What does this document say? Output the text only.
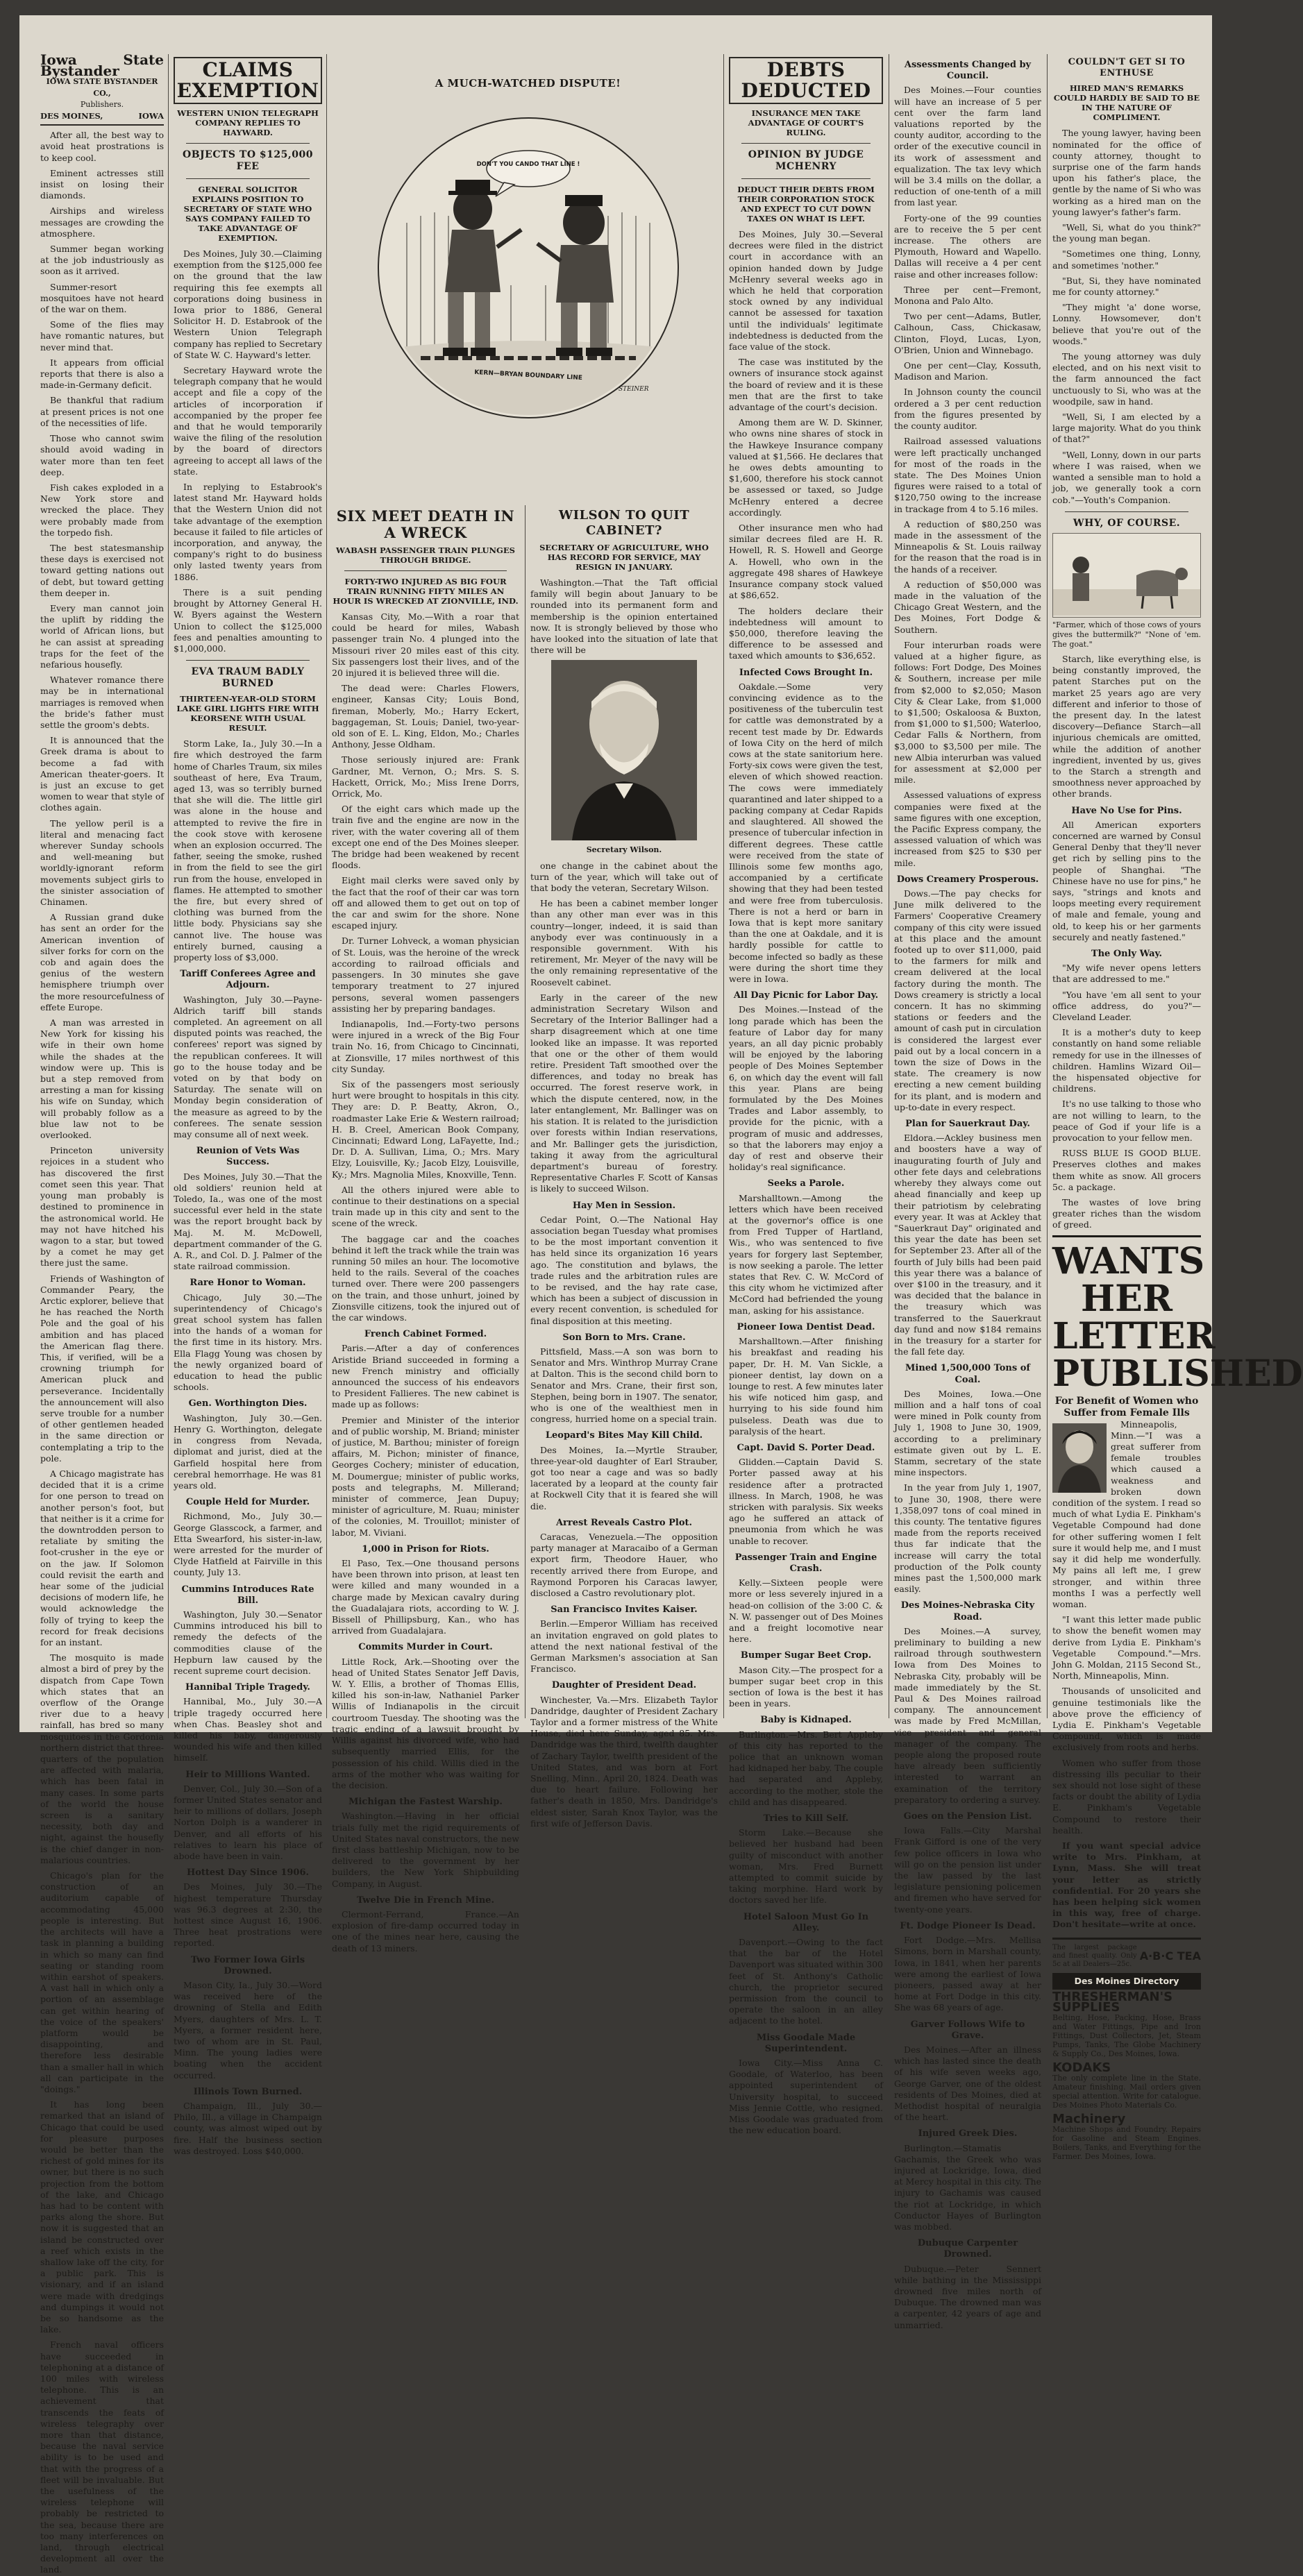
Iowa State Bystander
IOWA STATE BYSTANDER CO.,
Publishers.
DES MOINES,	IOWA

After all, the best way to avoid heat prostrations is to keep cool.

Eminent actresses still insist on losing their diamonds.

Airships and wireless messages are crowding the atmosphere.

Summer began working at the job industriously as soon as it arrived.

Summer-resort mosquitoes have not heard of the war on them.

Some of the flies may have romantic natures, but never mind that.

It appears from official reports that there is also a made-in-Germany deficit.

Be thankful that radium at present prices is not one of the necessities of life.

Those who cannot swim should avoid wading in water more than ten feet deep.

Fish cakes exploded in a New York store and wrecked the place. They were probably made from the torpedo fish.

The best statesmanship these days is exercised not toward getting nations out of debt, but toward getting them deeper in.

Every man cannot join the uplift by ridding the world of African lions, but he can assist at spreading traps for the feet of the nefarious housefly.

Whatever romance there may be in international marriages is removed when the bride's father must settle the groom's debts.

It is announced that the Greek drama is about to become a fad with American theater-goers. It is just an excuse to get women to wear that style of clothes again.

The yellow peril is a literal and menacing fact wherever Sunday schools and well-meaning but worldly-ignorant reform movements subject girls to the sinister association of Chinamen.

A Russian grand duke has sent an order for the American invention of silver forks for corn on the cob and again does the genius of the western hemisphere triumph over the more resourcefulness of effete Europe.

A man was arrested in New York for kissing his wife in their own home while the shades at the window were up. This is but a step removed from arresting a man for kissing his wife on Sunday, which will probably follow as a blue law not to be overlooked.

Princeton university rejoices in a student who has discovered the first comet seen this year. That young man probably is destined to prominence in the astronomical world. He may not have hitched his wagon to a star, but towed by a comet he may get there just the same.

Friends of Washington of Commander Peary, the Arctic explorer, believe that he has reached the North Pole and the goal of his ambition and has placed the American flag there. This, if verified, will be a crowning triumph for American pluck and perseverance. Incidentally the announcement will also serve trouble for a number of other gentlemen headed in the same direction or contemplating a trip to the pole.

A Chicago magistrate has decided that it is a crime for one person to tread on another person's foot, but that neither is it a crime for the downtrodden person to retaliate by smiting the foot-crusher in the eye or on the jaw. If Solomon could revisit the earth and hear some of the judicial decisions of modern life, he would acknowledge the folly of trying to keep the record for freak decisions for an instant.

The mosquito is made almost a bird of prey by the dispatch from Cape Town which states that an overflow of the Orange river due to a heavy rainfall, has bred so many mosquitoes in the Gordonia northern district that three-quarters of the population are affected with malaria, which has been fatal in many cases. In some parts of the world the house screen is a sanitary necessity, both day and night, against the housefly is the chief danger in non-malarious countries.

Chicago's plan for the construction of an auditorium capable of accommodating 45,000 people is interesting. But the architects will have a task in planning a building in which so many can find seating or standing room within earshot of speakers. A vast hall in which only a portion of an assemblage can get within hearing of the voice of the speakers' platform would be disappointing, and therefore less desirable than a smaller hall in which all can participate in the "doings."

It has long been remarked that an island of Chicago that could be used for pleasure purposes would be better than the richest of gold mines for its owner, but there is no such projection from the bottom of the lake, and Chicago has had to be content with parks along the shore. But now it is suggested that an island be constructed over a reef which exists in the shallow lake off the city, for a public park. This is visionary, and if an island were made with dredgings and dumpings it would not be so handsome as the lake.

French naval officers have succeeded in telephoning at a distance of 100 miles with wireless telephone. This is an achievement that transcends the feats of wireless telegraphy over more than that distance, because the naval service ability is to be used and that with the progress of a fleet will be invaluable. But the usefulness of the wireless telephone will probably be restricted to the sea, because there are too many interferences on land, through electrical development all over the land.

CLAIMS EXEMPTION
WESTERN UNION TELEGRAPH COMPANY REPLIES TO HAYWARD.
OBJECTS TO $125,000 FEE
GENERAL SOLICITOR EXPLAINS POSITION TO SECRETARY OF STATE WHO SAYS COMPANY FAILED TO TAKE ADVANTAGE OF EXEMPTION.

Des Moines, July 30.—Claiming exemption from the $125,000 fee on the ground that the law requiring this fee exempts all corporations doing business in Iowa prior to 1886, General Solicitor H. D. Estabrook of the Western Union Telegraph company has replied to Secretary of State W. C. Hayward's letter.

Secretary Hayward wrote the telegraph company that he would accept and file a copy of the articles of incorporation if accompanied by the proper fee and that he would temporarily waive the filing of the resolution by the board of directors agreeing to accept all laws of the state.

In replying to Estabrook's latest stand Mr. Hayward holds that the Western Union did not take advantage of the exemption because it failed to file articles of incorporation, and anyway, the company's right to do business only lasted twenty years from 1886.

There is a suit pending brought by Attorney General H. W. Byers against the Western Union to collect the $125,000 fees and penalties amounting to $1,000,000.

EVA TRAUM BADLY BURNED
THIRTEEN-YEAR-OLD STORM LAKE GIRL LIGHTS FIRE WITH KEORSENE WITH USUAL RESULT.

Storm Lake, Ia., July 30.—In a fire which destroyed the farm home of Charles Traum, six miles southeast of here, Eva Traum, aged 13, was so terribly burned that she will die. The little girl was alone in the house and attempted to revive the fire in the cook stove with kerosene when an explosion occurred. The father, seeing the smoke, rushed in from the field to see the girl run from the house, enveloped in flames. He attempted to smother the fire, but every shred of clothing was burned from the little body. Physicians say she cannot live. The house was entirely burned, causing a property loss of $3,000.

Tariff Conferees Agree and Adjourn.

Washington, July 30.—Payne-Aldrich tariff bill stands completed. An agreement on all disputed points was reached, the conferees' report was signed by the republican conferees. It will go to the house today and be voted on by that body on Saturday. The senate will on Monday begin consideration of the measure as agreed to by the conferees. The senate session may consume all of next week.

Reunion of Vets Was Success.

Des Moines, July 30.—That the old soldiers' reunion held at Toledo, Ia., was one of the most successful ever held in the state was the report brought back by Maj. M. M. McDowell, department commander of the G. A. R., and Col. D. J. Palmer of the state railroad commission.

Rare Honor to Woman.

Chicago, July 30.—The superintendency of Chicago's great school system has fallen into the hands of a woman for the first time in its history. Mrs. Ella Flagg Young was chosen by the newly organized board of education to head the public schools.

Gen. Worthington Dies.

Washington, July 30.—Gen. Henry G. Worthington, delegate in congress from Nevada, diplomat and jurist, died at the Garfield hospital here from cerebral hemorrhage. He was 81 years old.

Couple Held for Murder.

Richmond, Mo., July 30.—George Glasscock, a farmer, and Etta Swearford, his sister-in-law, were arrested for the murder of Clyde Hatfield at Fairville in this county, July 13.

Cummins Introduces Rate Bill.

Washington, July 30.—Senator Cummins introduced his bill to remedy the defects of the commodities clause of the Hepburn law caused by the recent supreme court decision.

Hannibal Triple Tragedy.

Hannibal, Mo., July 30.—A triple tragedy occurred here when Chas. Beasley shot and killed his baby, dangerously wounded his wife and then killed himself.

Heir to Millions Wanted.

Denver, Col., July 30.—Son of a former United States senator and heir to millions of dollars, Joseph Norton Dolph is a wanderer in Denver, and all efforts of his relatives to learn his place of abode have been in vain.

Hottest Day Since 1906.

Des Moines, July 30.—The highest temperature Thursday was 96.3 degrees at 2:30, the hottest since August 16, 1906. Three heat prostrations were reported.

Two Former Iowa Girls Drowned.

Mason City, Ia., July 30.—Word was received here of the drowning of Stella and Edith Myers, daughters of Mrs. L. T. Myers, a former resident here, two of whom are in St. Paul, Minn. The young ladies were boating when the accident occurred.

Illinois Town Burned.

Champaign, Ill., July 30.—Philo, Ill., a village in Champaign county, was almost wiped out by fire. Half the business section was destroyed. Loss $40,000.

A MUCH-WATCHED DISPUTE!
DON'T YOU CANDO THAT LINE !
KERN—BRYAN BOUNDARY LINE
STEINER
SIX MEET DEATH IN A WRECK
WABASH PASSENGER TRAIN PLUNGES THROUGH BRIDGE.
FORTY-TWO INJURED AS BIG FOUR TRAIN RUNNING FIFTY MILES AN HOUR IS WRECKED AT ZIONVILLE, IND.

Kansas City, Mo.—With a roar that could be heard for miles, Wabash passenger train No. 4 plunged into the Missouri river 20 miles east of this city. Six passengers lost their lives, and of the 20 injured it is believed three will die.

The dead were: Charles Flowers, engineer, Kansas City; Louis Bond, fireman, Moberly, Mo.; Harry Eckert, baggageman, St. Louis; Daniel, two-year-old son of E. L. King, Eldon, Mo.; Charles Anthony, Jesse Oldham.

Those seriously injured are: Frank Gardner, Mt. Vernon, O.; Mrs. S. S. Hackett, Orrick, Mo.; Miss Irene Dorrs, Orrick, Mo.

Of the eight cars which made up the train five and the engine are now in the river, with the water covering all of them except one end of the Des Moines sleeper. The bridge had been weakened by recent floods.

Eight mail clerks were saved only by the fact that the roof of their car was torn off and allowed them to get out on top of the car and swim for the shore. None escaped injury.

Dr. Turner Lohveck, a woman physician of St. Louis, was the heroine of the wreck according to railroad officials and passengers. In 30 minutes she gave temporary treatment to 27 injured persons, several women passengers assisting her by preparing bandages.

Indianapolis, Ind.—Forty-two persons were injured in a wreck of the Big Four train No. 16, from Chicago to Cincinnati, at Zionsville, 17 miles northwest of this city Sunday.

Six of the passengers most seriously hurt were brought to hospitals in this city. They are: D. P. Beatty, Akron, O., roadmaster Lake Erie & Western railroad; H. B. Creel, American Book Company, Cincinnati; Edward Long, LaFayette, Ind.; Dr. D. A. Sullivan, Lima, O.; Mrs. Mary Elzy, Louisville, Ky.; Jacob Elzy, Louisville, Ky.; Mrs. Magnolia Miles, Knoxville, Tenn.

All the others injured were able to continue to their destinations on a special train made up in this city and sent to the scene of the wreck.

The baggage car and the coaches behind it left the track while the train was running 50 miles an hour. The locomotive held to the rails. Several of the coaches turned over. There were 200 passengers on the train, and those unhurt, joined by Zionsville citizens, took the injured out of the car windows.

French Cabinet Formed.

Paris.—After a day of conferences Aristide Briand succeeded in forming a new French ministry and officially announced the success of his endeavors to President Fallieres. The new cabinet is made up as follows:

Premier and Minister of the interior and of public worship, M. Briand; minister of justice, M. Barthou; minister of foreign affairs, M. Pichon; minister of finance, Georges Cochery; minister of education, M. Doumergue; minister of public works, posts and telegraphs, M. Millerand; minister of commerce, Jean Dupuy; minister of agriculture, M. Ruau; minister of the colonies, M. Trouillot; minister of labor, M. Viviani.

1,000 in Prison for Riots.

El Paso, Tex.—One thousand persons have been thrown into prison, at least ten were killed and many wounded in a charge made by Mexican cavalry during the Guadalajara riots, according to W. J. Bissell of Phillipsburg, Kan., who has arrived from Guadalajara.

Commits Murder in Court.

Little Rock, Ark.—Shooting over the head of United States Senator Jeff Davis, W. Y. Ellis, a brother of Thomas Ellis, killed his son-in-law, Nathaniel Parker Willis of Indianapolis in the circuit courtroom Tuesday. The shooting was the tragic ending of a lawsuit brought by Willis against his divorced wife, who had subsequently married Ellis, for the possession of his child. Willis died in the arms of the mother who was waiting for the decision.

Michigan the Fastest Warship.

Washington.—Having in her official trials fully met the rigid requirements of United States naval constructors, the new first class battleship Michigan, now to be delivered to the government by her builders, the New York Shipbuilding Company, in August.

Twelve Die in French Mine.

Clermont-Ferrand, France.—An explosion of fire-damp occurred today in one of the mines near here, causing the death of 13 miners.

WILSON TO QUIT CABINET?
SECRETARY OF AGRICULTURE, WHO HAS RECORD FOR SERVICE, MAY RESIGN IN JANUARY.

Washington.—That the Taft official family will begin about January to be rounded into its permanent form and membership is the opinion entertained now. It is strongly believed by those who have looked into the situation of late that there will be

Secretary Wilson.

one change in the cabinet about the turn of the year, which will take out of that body the veteran, Secretary Wilson.

He has been a cabinet member longer than any other man ever was in this country—longer, indeed, it is said than anybody ever was continuously in a responsible government. With his retirement, Mr. Meyer of the navy will be the only remaining representative of the Roosevelt cabinet.

Early in the career of the new administration Secretary Wilson and Secretary of the Interior Ballinger had a sharp disagreement which at one time looked like an impasse. It was reported that one or the other of them would retire. President Taft smoothed over the differences, and today no break has occurred. The forest reserve work, in which the dispute centered, now, in the later entanglement, Mr. Ballinger was on his station. It is related to the jurisdiction over forests within Indian reservations, and Mr. Ballinger gets the jurisdiction, taking it away from the agricultural department's bureau of forestry. Representative Charles F. Scott of Kansas is likely to succeed Wilson.

Hay Men in Session.

Cedar Point, O.—The National Hay association began Tuesday what promises to be the most important convention it has held since its organization 16 years ago. The constitution and bylaws, the trade rules and the arbitration rules are to be revised, and the hay rate case, which has been a subject of discussion in every recent convention, is scheduled for final disposition at this meeting.

Son Born to Mrs. Crane.

Pittsfield, Mass.—A son was born to Senator and Mrs. Winthrop Murray Crane at Dalton. This is the second child born to Senator and Mrs. Crane, their first son, Stephen, being born in 1907. The senator, who is one of the wealthiest men in congress, hurried home on a special train.

Leopard's Bites May Kill Child.

Des Moines, Ia.—Myrtle Strauber, three-year-old daughter of Earl Strauber, got too near a cage and was so badly lacerated by a leopard at the county fair at Rockwell City that it is feared she will die.

Arrest Reveals Castro Plot.

Caracas, Venezuela.—The opposition party manager at Maracaibo of a German export firm, Theodore Hauer, who recently arrived there from Europe, and Raymond Porporen his Caracas lawyer, disclosed a Castro revolutionary plot.

San Francisco Invites Kaiser.

Berlin.—Emperor William has received an invitation engraved on gold plates to attend the next national festival of the German Marksmen's association at San Francisco.

Daughter of President Dead.

Winchester, Va.—Mrs. Elizabeth Taylor Dandridge, daughter of President Zachary Taylor and a former mistress of the White House, died here Sunday, aged 85. Mrs. Dandridge was the third, twelfth daughter of Zachary Taylor, twelfth president of the United States, and was born at Fort Snelling, Minn., April 20, 1824. Death was due to heart failure. Following her father's death in 1850, Mrs. Dandridge's eldest sister, Sarah Knox Taylor, was the first wife of Jefferson Davis.

DEBTS DEDUCTED
INSURANCE MEN TAKE ADVANTAGE OF COURT'S RULING.
OPINION BY JUDGE MCHENRY
DEDUCT THEIR DEBTS FROM THEIR CORPORATION STOCK AND EXPECT TO CUT DOWN TAXES ON WHAT IS LEFT.

Des Moines, July 30.—Several decrees were filed in the district court in accordance with an opinion handed down by Judge McHenry several weeks ago in which he held that corporation stock owned by any individual cannot be assessed for taxation until the individuals' legitimate indebtedness is deducted from the face value of the stock.

The case was instituted by the owners of insurance stock against the board of review and it is these men that are the first to take advantage of the court's decision.

Among them are W. D. Skinner, who owns nine shares of stock in the Hawkeye Insurance company valued at $1,566. He declares that he owes debts amounting to $1,600, therefore his stock cannot be assessed or taxed, so Judge McHenry entered a decree accordingly.

Other insurance men who had similar decrees filed are H. R. Howell, R. S. Howell and George A. Howell, who own in the aggregate 498 shares of Hawkeye Insurance company stock valued at $86,652.

The holders declare their indebtedness will amount to $50,000, therefore leaving the difference to be assessed and taxed which amounts to $36,652.

Infected Cows Brought In.

Oakdale.—Some very convincing evidence as to the positiveness of the tuberculin test for cattle was demonstrated by a recent test made by Dr. Edwards of Iowa City on the herd of milch cows at the state sanitorium here. Forty-six cows were given the test, eleven of which showed reaction. The cows were immediately quarantined and later shipped to a packing company at Cedar Rapids and slaughtered. All showed the presence of tubercular infection in different degrees. These cattle were received from the state of Illinois some few months ago, accompanied by a certificate showing that they had been tested and were free from tuberculosis. There is not a herd or barn in Iowa that is kept more sanitary than the one at Oakdale, and it is hardly possible for cattle to become infected so badly as these were during the short time they were in Iowa.

All Day Picnic for Labor Day.

Des Moines.—Instead of the long parade which has been the feature of Labor day for many years, an all day picnic probably will be enjoyed by the laboring people of Des Moines September 6, on which day the event will fall this year. Plans are being formulated by the Des Moines Trades and Labor assembly, to provide for the picnic, with a program of music and addresses, so that the laborers may enjoy a day of rest and observe their holiday's real significance.

Seeks a Parole.

Marshalltown.—Among the letters which have been received at the governor's office is one from Fred Tupper of Hartland, Wis., who was sentenced to five years for forgery last September, is now seeking a parole. The letter states that Rev. C. W. McCord of this city whom he victimized after McCord had befriended the young man, asking for his assistance.

Pioneer Iowa Dentist Dead.

Marshalltown.—After finishing his breakfast and reading his paper, Dr. H. M. Van Sickle, a pioneer dentist, lay down on a lounge to rest. A few minutes later his wife noticed him gasp, and hurrying to his side found him pulseless. Death was due to paralysis of the heart.

Capt. David S. Porter Dead.

Glidden.—Captain David S. Porter passed away at his residence after a protracted illness. In March, 1908, he was stricken with paralysis. Six weeks ago he suffered an attack of pneumonia from which he was unable to recover.

Passenger Train and Engine Crash.

Kelly.—Sixteen people were more or less severely injured in a head-on collision of the 3:00 C. & N. W. passenger out of Des Moines and a freight locomotive near here.

Bumper Sugar Beet Crop.

Mason City.—The prospect for a bumper sugar beet crop in this section of Iowa is the best it has been in years.

Baby is Kidnaped.

Burlington.—Mrs. Bert Appleby of this city has reported to the police that an unknown woman had kidnaped her baby. The couple had separated and Appleby, according to the mother, stole the child and has disappeared.

Tries to Kill Self.

Storm Lake.—Because she believed her husband had been guilty of misconduct with another woman, Mrs. Fred Burnett attempted to commit suicide by taking morphine. Hard work by doctors saved her life.

Hotel Saloon Must Go In Alley.

Davenport.—Owing to the fact that the bar of the Hotel Davenport was situated within 300 feet of St. Anthony's Catholic church, the proprietor secured permission from the council to operate the saloon in an alley adjacent to the hotel.

Miss Goodale Made Superintendent.

Iowa City.—Miss Anna C. Goodale, of Waterloo, has been appointed superintendent of University hospital, to succeed Miss Jennie Cottle, who resigned. Miss Goodale was graduated from the new education board.

Assessments Changed by Council.

Des Moines.—Four counties will have an increase of 5 per cent over the farm land valuations reported by the county auditor, according to the order of the executive council in its work of assessment and equalization. The tax levy which will be 3.4 mills on the dollar, a reduction of one-tenth of a mill from last year.

Forty-one of the 99 counties are to receive the 5 per cent increase. The others are Plymouth, Howard and Wapello. Dallas will receive a 4 per cent raise and other increases follow:

Three per cent—Fremont, Monona and Palo Alto.

Two per cent—Adams, Butler, Calhoun, Cass, Chickasaw, Clinton, Floyd, Lucas, Lyon, O'Brien, Union and Winnebago.

One per cent—Clay, Kossuth, Madison and Marion.

In Johnson county the council ordered a 3 per cent reduction from the figures presented by the county auditor.

Railroad assessed valuations were left practically unchanged for most of the roads in the state. The Des Moines Union figures were raised to a total of $120,750 owing to the increase in trackage from 4 to 5.16 miles.

A reduction of $80,250 was made in the assessment of the Minneapolis & St. Louis railway for the reason that the road is in the hands of a receiver.

A reduction of $50,000 was made in the valuation of the Chicago Great Western, and the Des Moines, Fort Dodge & Southern.

Four interurban roads were valued at a higher figure, as follows: Fort Dodge, Des Moines & Southern, increase per mile from $2,000 to $2,050; Mason City & Clear Lake, from $1,000 to $1,500; Oskaloosa & Buxton, from $1,000 to $1,500; Waterloo, Cedar Falls & Northern, from $3,000 to $3,500 per mile. The new Albia interurban was valued for assessment at $2,000 per mile.

Assessed valuations of express companies were fixed at the same figures with one exception, the Pacific Express company, the assessed valuation of which was increased from $25 to $30 per mile.

Dows Creamery Prosperous.

Dows.—The pay checks for June milk delivered to the Farmers' Cooperative Creamery company of this city were issued at this place and the amount footed up to over $11,000, paid to the farmers for milk and cream delivered at the local factory during the month. The Dows creamery is strictly a local concern. It has no skimming stations or feeders and the amount of cash put in circulation is considered the largest ever paid out by a local concern in a town the size of Dows in the state. The creamery is now erecting a new cement building for its plant, and is modern and up-to-date in every respect.

Plan for Sauerkraut Day.

Eldora.—Ackley business men and boosters have a way of inaugurating fourth of July and other fete days and celebrations whereby they always come out ahead financially and keep up their patriotism by celebrating every year. It was at Ackley that "Sauerkraut Day" originated and this year the date has been set for September 23. After all of the fourth of July bills had been paid this year there was a balance of over $100 in the treasury, and it was decided that the balance in the treasury which was transferred to the Sauerkraut day fund and now $184 remains in the treasury for a starter for the fall fete day.

Mined 1,500,000 Tons of Coal.

Des Moines, Iowa.—One million and a half tons of coal were mined in Polk county from July 1, 1908 to June 30, 1909, according to a preliminary estimate given out by L. E. Stamm, secretary of the state mine inspectors.

In the year from July 1, 1907, to June 30, 1908, there were 1,358,097 tons of coal mined in this county. The tentative figures made from the reports received thus far indicate that the increase will carry the total production of the Polk county mines past the 1,500,000 mark easily.

Des Moines-Nebraska City Road.

Des Moines.—A survey, preliminary to building a new railroad through southwestern Iowa from Des Moines to Nebraska City, probably will be made immediately by the St. Paul & Des Moines railroad company. The announcement was made by Fred McMillan, vice president and general manager of the company. The people along the proposed route have already been sufficiently interested to warrant an examination of the territory preparatory to ordering a survey.

Goes on the Pension List.

Iowa Falls.—City Marshal Frank Gifford is one of the very few police officers in Iowa who will go on the pension list under the law passed by the last legislature pensioning policemen and firemen who have served for twenty-one years.

Ft. Dodge Pioneer Is Dead.

Fort Dodge.—Mrs. Mellisa Simons, born in Marshall county, Iowa, in 1841, when her parents were among the earliest of Iowa pioneers, passed away at her home at Fort Dodge in this city. She was 68 years of age.

Garver Follows Wife to Grave.

Des Moines.—After an illness which has lasted since the death of his wife seven weeks ago, George Garver, one of the oldest residents of Des Moines, died at Methodist hospital of neuralgia of the heart.

Injured Greek Dies.

Burlington.—Stamatis Gachamis, the Greek who was injured at Lockridge, Iowa, died at Mercy hospital in this city. The injury to Gachamis was caused the riot at Lockridge, in which Conductor Hayes of Burlington was mobbed.

Dubuque Carpenter Drowned.

Dubuque.—Peter Sennert while bathing in the Mississippi drowned five miles north of Dubuque. The drowned man was a carpenter, 42 years of age and unmarried.

COULDN'T GET SI TO ENTHUSE
HIRED MAN'S REMARKS COULD HARDLY BE SAID TO BE IN THE NATURE OF COMPLIMENT.

The young lawyer, having been nominated for the office of county attorney, thought to surprise one of the farm hands upon his father's place, the gentle by the name of Si who was working as a hired man on the young lawyer's father's farm.

"Well, Si, what do you think?" the young man began.

"Sometimes one thing, Lonny, and sometimes 'nother."

"But, Si, they have nominated me for county attorney."

"They might 'a' done worse, Lonny. Howsomever, don't believe that you're out of the woods."

The young attorney was duly elected, and on his next visit to the farm announced the fact unctuously to Si, who was at the woodpile, saw in hand.

"Well, Si, I am elected by a large majority. What do you think of that?"

"Well, Lonny, down in our parts where I was raised, when we wanted a sensible man to hold a job, we generally took a corn cob."—Youth's Companion.

WHY, OF COURSE.
"Farmer, which of those cows of yours gives the buttermilk?" "None of 'em. The goat."

Starch, like everything else, is being constantly improved, the patent Starches put on the market 25 years ago are very different and inferior to those of the present day. In the latest discovery—Defiance Starch—all injurious chemicals are omitted, while the addition of another ingredient, invented by us, gives to the Starch a strength and smoothness never approached by other brands.

Have No Use for Pins.

All American exporters concerned are warned by Consul General Denby that they'll never get rich by selling pins to the people of Shanghai. "The Chinese have no use for pins," he says, "strings and knots and loops meeting every requirement of male and female, young and old, to keep his or her garments securely and neatly fastened."

The Only Way.

"My wife never opens letters that are addressed to me."

"You have 'em all sent to your office address, do you?"—Cleveland Leader.

It is a mother's duty to keep constantly on hand some reliable remedy for use in the illnesses of children. Hamlins Wizard Oil—the hispensated objective for childrens.

It's no use talking to those who are not willing to learn, to the peace of God if your life is a provocation to your fellow men.

RUSS BLUE IS GOOD BLUE. Preserves clothes and makes them white as snow. All grocers 5c. a package.

The wastes of love bring greater riches than the wisdom of greed.

WANTS HER LETTER PUBLISHED
For Benefit of Women who Suffer from Female Ills

Minneapolis, Minn.—"I was a great sufferer from female troubles which caused a weakness and broken down condition of the system. I read so much of what Lydia E. Pinkham's Vegetable Compound had done for other suffering women I felt sure it would help me, and I must say it did help me wonderfully. My pains all left me, I grew stronger, and within three months I was a perfectly well woman.

"I want this letter made public to show the benefit women may derive from Lydia E. Pinkham's Vegetable Compound."—Mrs. John G. Moldan, 2115 Second St., North, Minneapolis, Minn.

Thousands of unsolicited and genuine testimonials like the above prove the efficiency of Lydia E. Pinkham's Vegetable Compound, which is made exclusively from roots and herbs.

Women who suffer from those distressing ills peculiar to their sex should not lose sight of these facts or doubt the ability of Lydia E. Pinkham's Vegetable Compound to restore their health.

If you want special advice write to Mrs. Pinkham, at Lynn, Mass. She will treat your letter as strictly confidential. For 20 years she has been helping sick women in this way, free of charge. Don't hesitate—write at once.

The largest package and finest quality. Only 5c at all Dealers—25c.
A·B·C TEA
Des Moines Directory
THRESHERMAN'S SUPPLIES
Belting, Hose, Packing, Hose, Brass and Water Fittings, Pipe and Iron Fittings, Dust Collectors, Jet, Steam Pumps, Tanks, The Globe Machinery & Supply Co., Des Moines, Iowa.
KODAKS
The only complete line in the State. Amateur finishing. Mail orders given special attention. Write for catalogue. Des Moines Photo Materials Co.
Machinery
Machine Shops and Foundry. Repairs for Gasoline and Steam Engines. Boilers, Tanks, and Everything for the Farmer. Des Moines, Iowa.
